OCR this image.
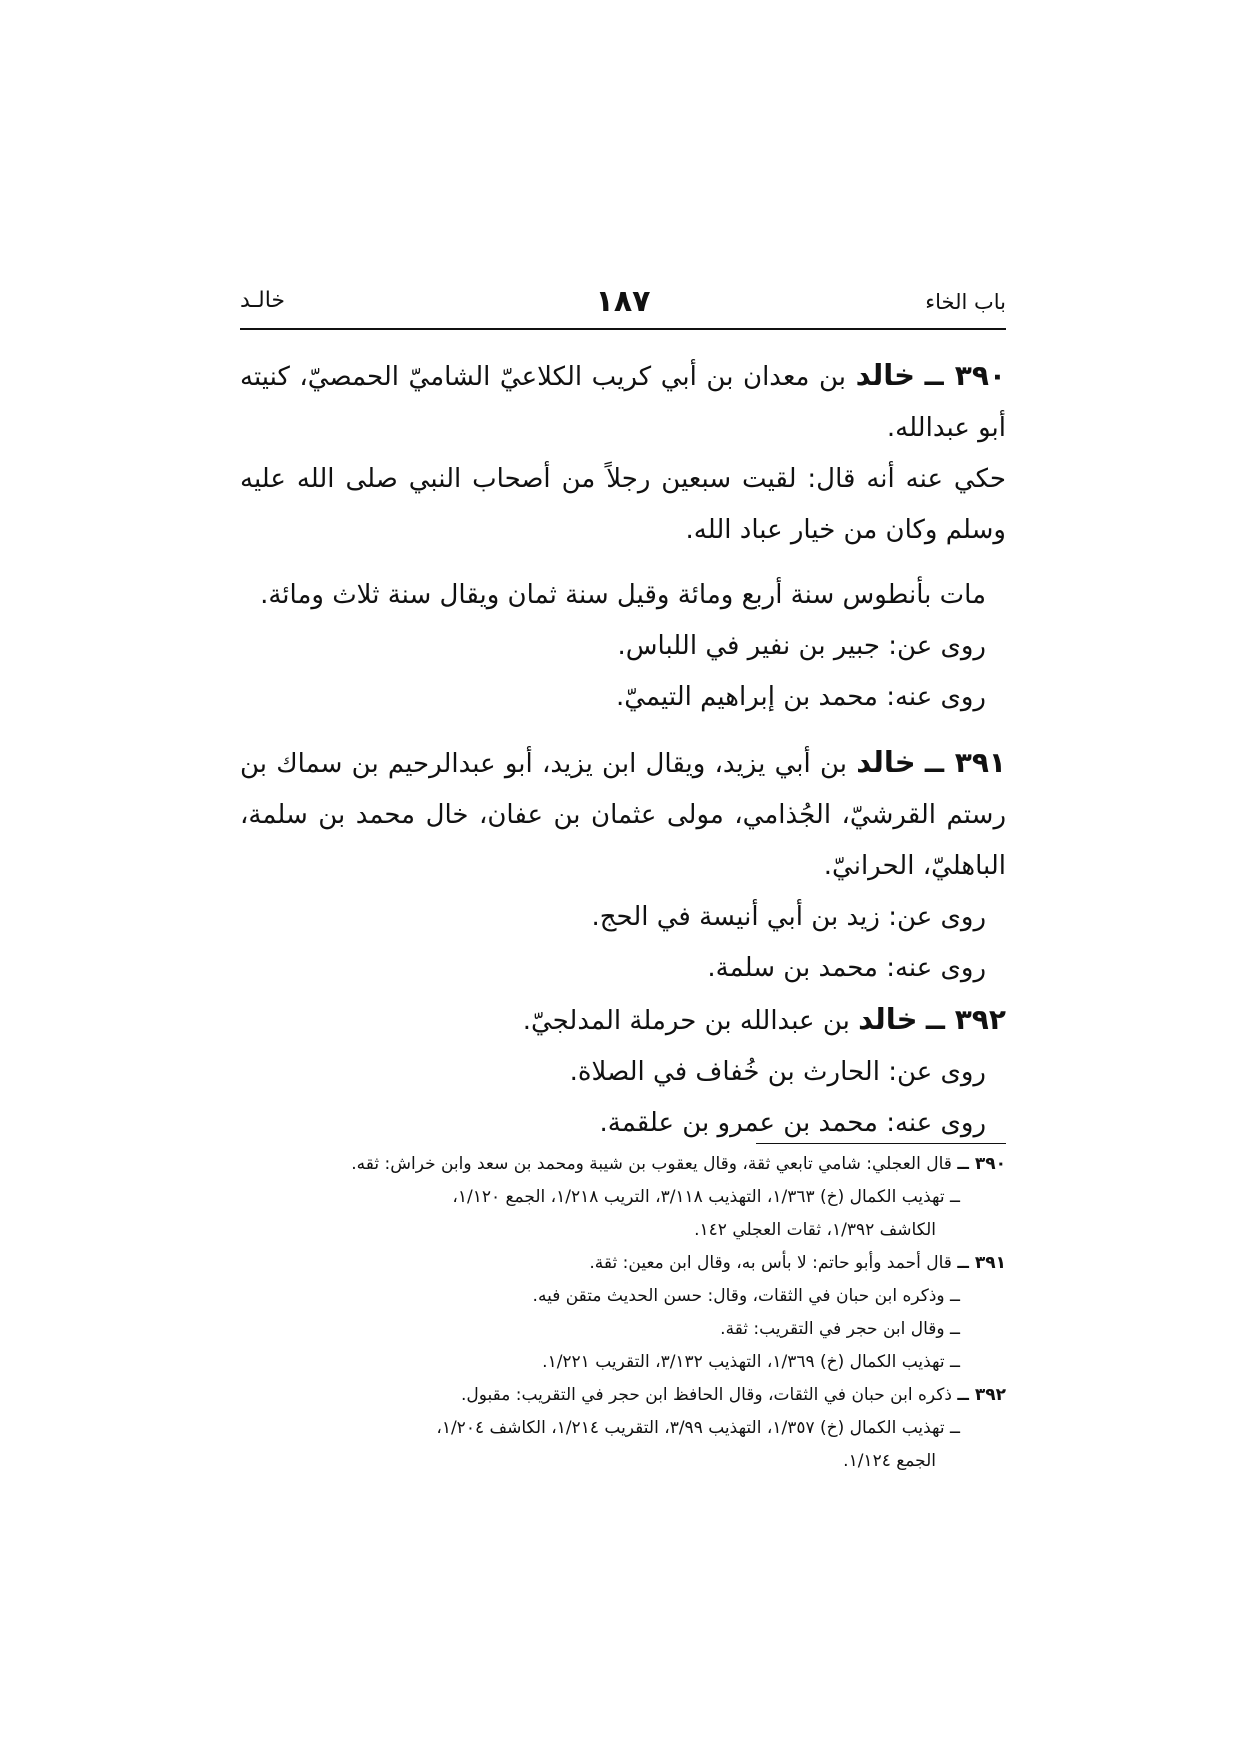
خالـد	١٨٧	باب الخاء

٣٩٠ ــ خالد بن معدان بن أبي كريب الكلاعيّ الشاميّ الحمصيّ، كنيته أبو عبدالله.

حكي عنه أنه قال: لقيت سبعين رجلاً من أصحاب النبي صلى الله عليه وسلم وكان من خيار عباد الله.

مات بأنطوس سنة أربع ومائة وقيل سنة ثمان ويقال سنة ثلاث ومائة.

روى عن: جبير بن نفير في اللباس.

روى عنه: محمد بن إبراهيم التيميّ.

٣٩١ ــ خالد بن أبي يزيد، ويقال ابن يزيد، أبو عبدالرحيم بن سماك بن رستم القرشيّ، الجُذامي، مولى عثمان بن عفان، خال محمد بن سلمة، الباهليّ، الحرانيّ.

روى عن: زيد بن أبي أنيسة في الحج.

روى عنه: محمد بن سلمة.

٣٩٢ ــ خالد بن عبدالله بن حرملة المدلجيّ.

روى عن: الحارث بن خُفاف في الصلاة.

روى عنه: محمد بن عمرو بن علقمة.

٣٩٠ ــ قال العجلي: شامي تابعي ثقة، وقال يعقوب بن شيبة ومحمد بن سعد وابن خراش: ثقه.

ــ تهذيب الكمال (خ) ١/٣٦٣، التهذيب ٣/١١٨، التريب ١/٢١٨، الجمع ١/١٢٠،

الكاشف ١/٣٩٢، ثقات العجلي ١٤٢.

٣٩١ ــ قال أحمد وأبو حاتم: لا بأس به، وقال ابن معين: ثقة.

ــ وذكره ابن حبان في الثقات، وقال: حسن الحديث متقن فيه.

ــ وقال ابن حجر في التقريب: ثقة.

ــ تهذيب الكمال (خ) ١/٣٦٩، التهذيب ٣/١٣٢، التقريب ١/٢٢١.

٣٩٢ ــ ذكره ابن حبان في الثقات، وقال الحافظ ابن حجر في التقريب: مقبول.

ــ تهذيب الكمال (خ) ١/٣٥٧، التهذيب ٣/٩٩، التقريب ١/٢١٤، الكاشف ١/٢٠٤،

الجمع ١/١٢٤.
